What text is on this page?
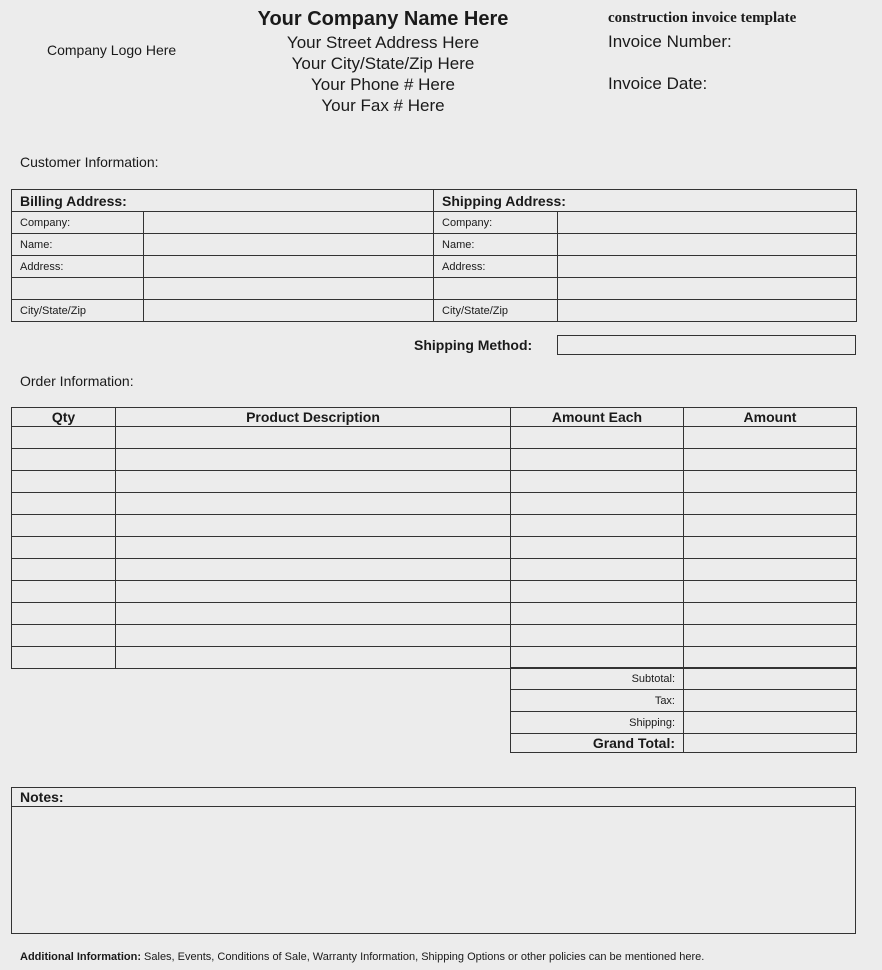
Company Logo Here
Your Company Name Here
Your Street Address Here
Your City/State/Zip Here
Your Phone # Here
Your Fax # Here
construction invoice template
Invoice Number:
Invoice Date:
Customer Information:
Billing Address:		Shipping Address:	
Company:		Company:	
Name:		Name:	
Address:		Address:	

City/State/Zip		City/State/Zip	
Shipping Method:
Order Information:
Qty	Product Description	Amount Each	Amount

Subtotal:	
Tax:	
Shipping:	
Grand Total:	
Notes:
Additional Information: Sales, Events, Conditions of Sale, Warranty Information, Shipping Options or other policies can be mentioned here.
